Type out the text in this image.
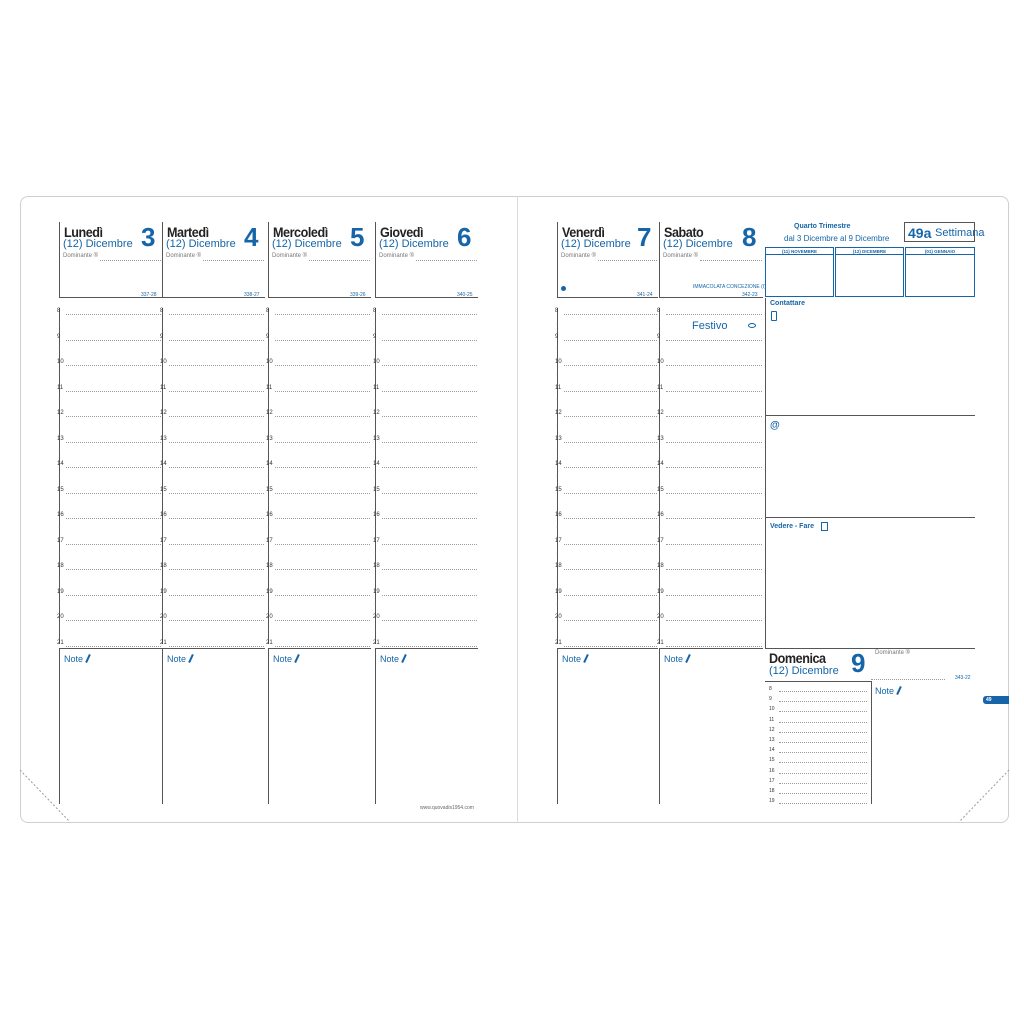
Lunedì
(12) Dicembre 3
Dominante ®
337-28
8
◦
9
◦
10
◦
11
◦
12
◦
13
◦
14
◦
15
◦
16
◦
17
◦
18
◦
19
◦
20
◦
21
Note
Martedì
(12) Dicembre 4
Dominante ®
338-27
8
◦
9
◦
10
◦
11
◦
12
◦
13
◦
14
◦
15
◦
16
◦
17
◦
18
◦
19
◦
20
◦
21
Note
Mercoledì
(12) Dicembre 5
Dominante ®
339-26
8
◦
9
◦
10
◦
11
◦
12
◦
13
◦
14
◦
15
◦
16
◦
17
◦
18
◦
19
◦
20
◦
21
Note
Giovedì
(12) Dicembre 6
Dominante ®
340-25
8
◦
9
◦
10
◦
11
◦
12
◦
13
◦
14
◦
15
◦
16
◦
17
◦
18
◦
19
◦
20
◦
21
Note
Venerdì
(12) Dicembre 7
Dominante ®
341-24
8
◦
9
◦
10
◦
11
◦
12
◦
13
◦
14
◦
15
◦
16
◦
17
◦
18
◦
19
◦
20
◦
21
Note
Sabato
(12) Dicembre 8
Dominante ®
342-23
IMMACOLATA CONCEZIONE (I)
8
◦
9
◦
10
◦
11
◦
12
◦
13
◦
14
◦
15
◦
16
◦
17
◦
18
◦
19
◦
20
◦
21
Note
Festivo
Quarto Trimestre
dal 3 Dicembre al 9 Dicembre 49a Settimana
(11) NOVEMBRE	(12) DICEMBRE	(01) GENNAIO
Contattare
@
Vedere - Fare
Domenica
(12) Dicembre 9 Dominante ®
343-22
Note
8
9
10
11
12
13
14
15
16
17
18
19
49
www.quovadis1954.com
